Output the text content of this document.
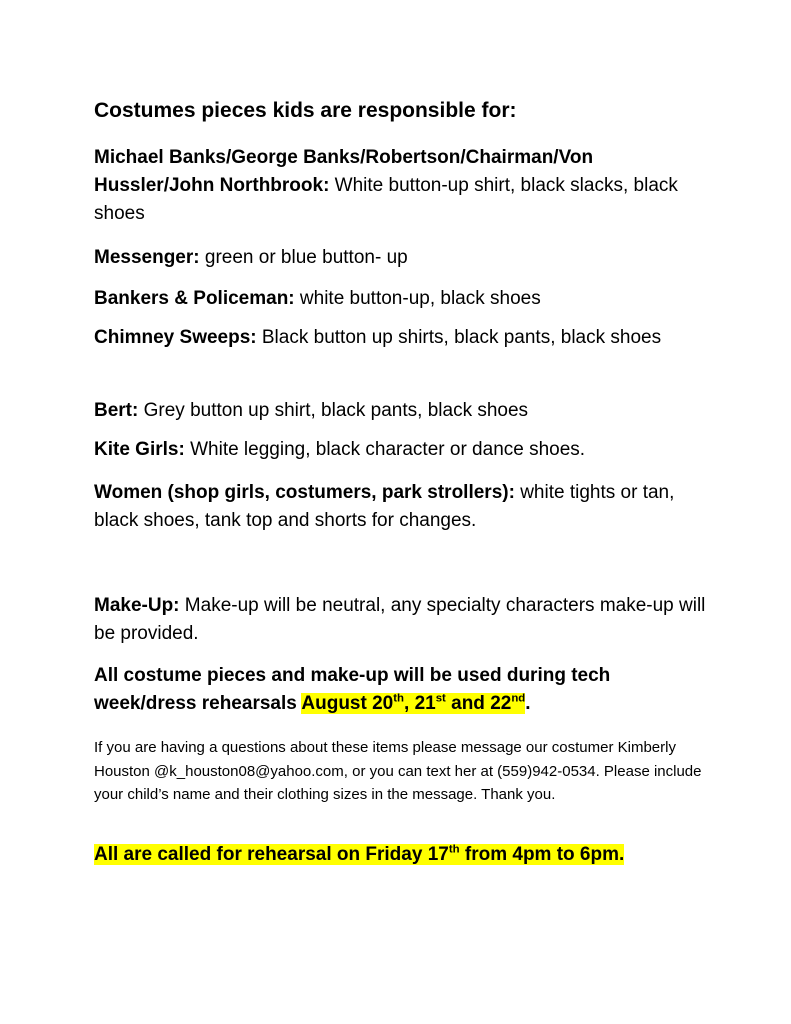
Costumes pieces kids are responsible for:

Michael Banks/George Banks/Robertson/Chairman/Von Hussler/John Northbrook: White button-up shirt, black slacks, black shoes

Messenger: green or blue button- up

Bankers & Policeman: white button-up, black shoes

Chimney Sweeps: Black button up shirts, black pants, black shoes

Bert: Grey button up shirt, black pants, black shoes

Kite Girls: White legging, black character or dance shoes.

Women (shop girls, costumers, park strollers): white tights or tan, black shoes, tank top and shorts for changes.

Make-Up: Make-up will be neutral, any specialty characters make-up will be provided.

All costume pieces and make-up will be used during tech week/dress rehearsals August 20th, 21st and 22nd.

If you are having a questions about these items please message our costumer Kimberly Houston @k_houston08@yahoo.com, or you can text her at (559)942-0534. Please include your child’s name and their clothing sizes in the message. Thank you.

All are called for rehearsal on Friday 17th from 4pm to 6pm.
